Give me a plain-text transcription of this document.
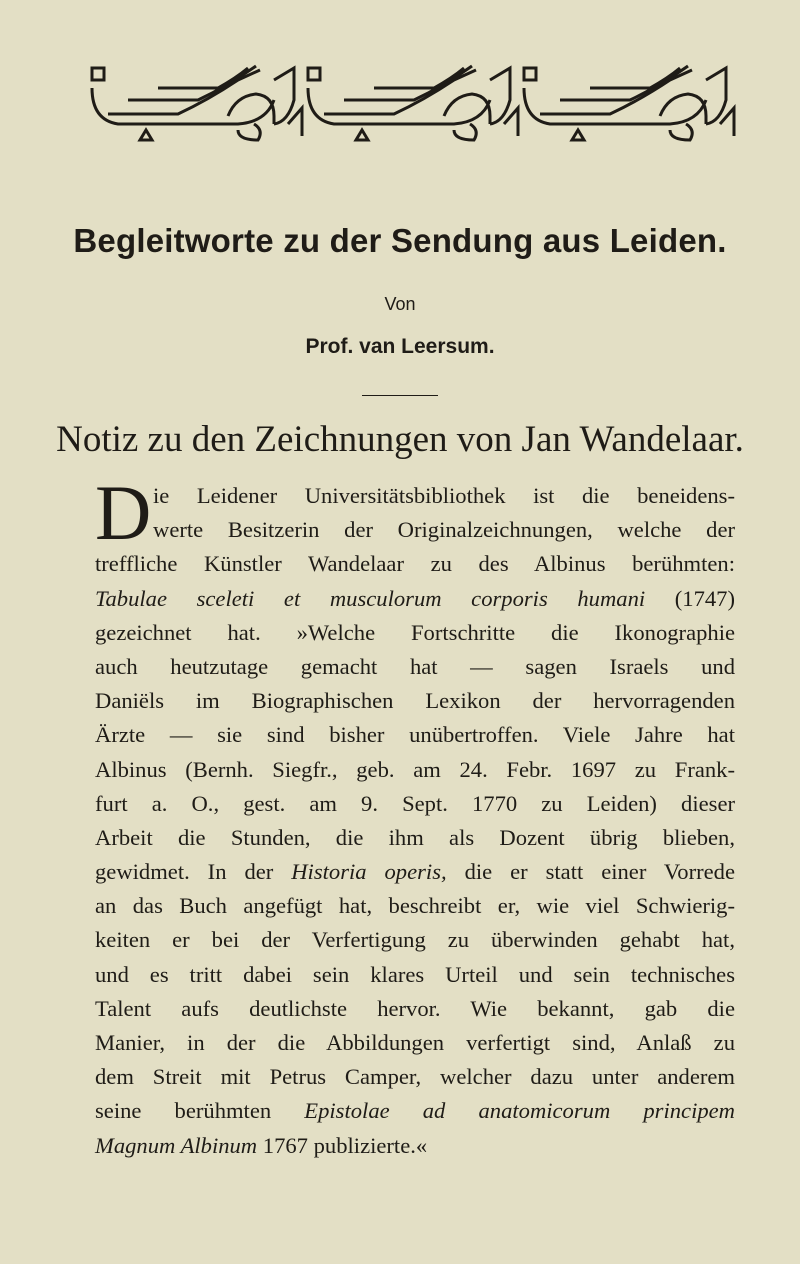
Begleitworte zu der Sendung aus Leiden.
Von
Prof. van Leersum.
Notiz zu den Zeichnungen von Jan Wandelaar.
D ie Leidener Universitätsbibliothek ist die beneidens-
werte Besitzerin der Originalzeichnungen, welche der
treffliche Künstler Wandelaar zu des Albinus berühmten:
Tabulae sceleti et musculorum corporis humani (1747)
gezeichnet hat. »Welche Fortschritte die Ikonographie
auch heutzutage gemacht hat — sagen Israels und
Daniëls im Biographischen Lexikon der hervorragenden
Ärzte — sie sind bisher unübertroffen. Viele Jahre hat
Albinus (Bernh. Siegfr., geb. am 24. Febr. 1697 zu Frank-
furt a. O., gest. am 9. Sept. 1770 zu Leiden) dieser
Arbeit die Stunden, die ihm als Dozent übrig blieben,
gewidmet. In der Historia operis, die er statt einer Vorrede
an das Buch angefügt hat, beschreibt er, wie viel Schwierig-
keiten er bei der Verfertigung zu überwinden gehabt hat,
und es tritt dabei sein klares Urteil und sein technisches
Talent aufs deutlichste hervor. Wie bekannt, gab die
Manier, in der die Abbildungen verfertigt sind, Anlaß zu
dem Streit mit Petrus Camper, welcher dazu unter anderem
seine berühmten Epistolae ad anatomicorum principem
Magnum Albinum 1767 publizierte.«
